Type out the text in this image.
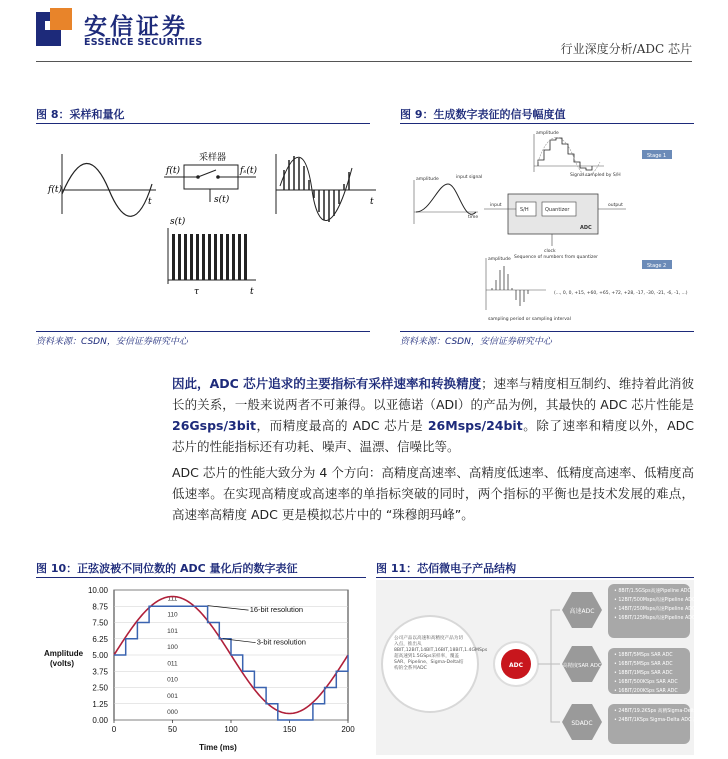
安信证券
ESSENCE SECURITIES	行业深度分析/ADC 芯片
图 8：采样和量化
f(t)
t
采样器
f(t)	fₛ(t)
s(t)
s(t)
t
τ
t
资料来源：CSDN，安信证券研究中心
图 9：生成数字表征的信号幅度值
amplitude
Signal sampled by S/H
Stage 1
Stage 2
amplitude	input signal
time
S/H	Quantizer
ADC
input	output
clock
amplitude Sequence of numbers from quantizer
(..., 0, 0, +15, +60, +65, +72, +28, -17, -30, -21, -6, -1, ...)
sampling period or sampling interval
资料来源：CSDN，安信证券研究中心
因此，ADC 芯片追求的主要指标有采样速率和转换精度；速率与精度相互制约、维持着此消彼长的关系，一般来说两者不可兼得。以亚德诺（ADI）的产品为例，其最快的 ADC 芯片性能是 26Gsps/3bit，而精度最高的 ADC 芯片是 26Msps/24bit。除了速率和精度以外，ADC 芯片的性能指标还有功耗、噪声、温漂、信噪比等。
ADC 芯片的性能大致分为 4 个方向：高精度高速率、高精度低速率、低精度高速率、低精度高低速率。在实现高精度或高速率的单指标突破的同时，两个指标的平衡也是技术发展的难点，高速率高精度 ADC 更是模拟芯片中的 “珠穆朗玛峰”。
图 10：正弦波被不同位数的 ADC 量化后的数字表征
Amplitude (volts)
Time (ms)
0.00
1.25
2.50
3.75
5.00
6.25
7.50
8.75
10.00
0	50	100	150	200
000
001
010
011
100
101
110
111
16-bit resolution
3-bit resolution
图 11：芯佰微电子产品结构
公司产品以高速和高精度产品为切入点，推出从8BIT,12BIT,14BIT,16BIT,18BIT,1.4GMSps超高速到1.5GSps采样率，覆盖SAR、Pipeline、Sigma-Delta结构的全系列ADC	ADC
高速ADC
高精度SAR ADC
SDADC
• 8BIT/1.5GSps高速Pipeline ADC
• 12BIT/500Msps高速Pipeline ADC
• 14BIT/250Msps高速Pipeline ADC
• 16BIT/125Msps高速Pipeline ADC
• 18BIT/5MSps SAR ADC
• 16BIT/5MSps SAR ADC
• 18BIT/1MSps SAR ADC
• 16BIT/500KSps SAR ADC
• 16BIT/200KSps SAR ADC
• 24BIT/19.2KSps 高精Sigma-Delta ADC
• 24BIT/1KSps Sigma-Delta ADC 高精快
